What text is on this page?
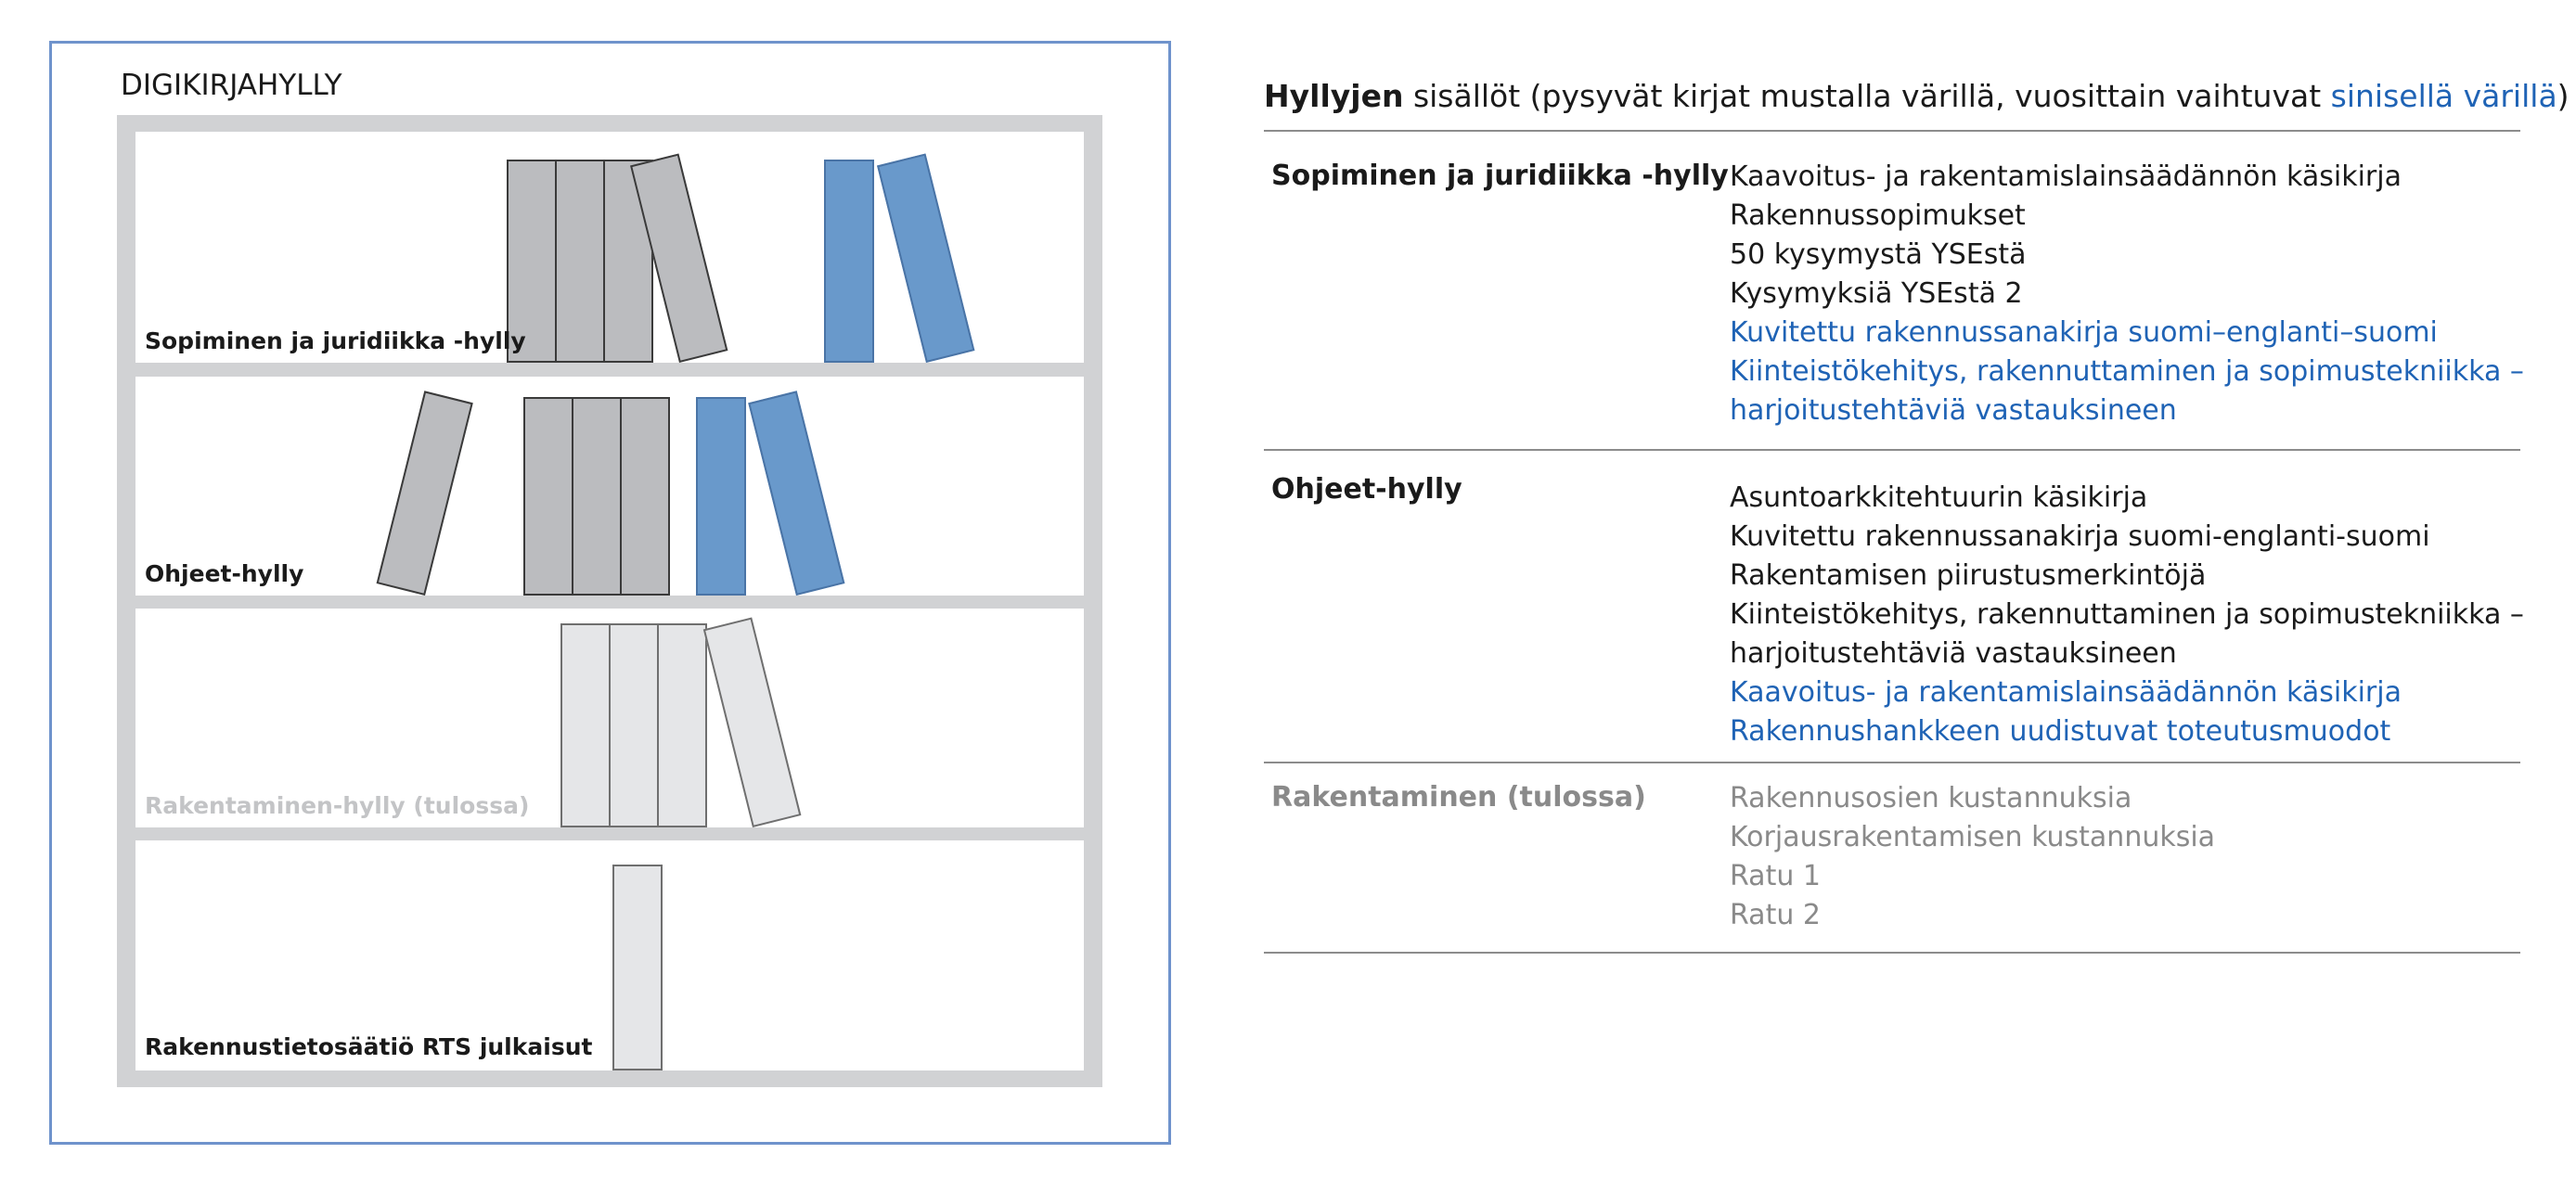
DIGIKIRJAHYLLY
Sopiminen ja juridiikka -hylly
Ohjeet-hylly
Rakentaminen-hylly (tulossa)
Rakennustietosäätiö RTS julkaisut
Hyllyjen sisällöt (pysyvät kirjat mustalla värillä, vuosittain vaihtuvat sinisellä värillä)
Sopiminen ja juridiikka -hylly Kaavoitus- ja rakentamislainsäädännön käsikirja
Rakennussopimukset
50 kysymystä YSEstä
Kysymyksiä YSEstä 2
Kuvitettu rakennussanakirja suomi–englanti–suomi
Kiinteistökehitys, rakennuttaminen ja sopimustekniikka –
harjoitustehtäviä vastauksineen
Ohjeet-hylly	Asuntoarkkitehtuurin käsikirja
Kuvitettu rakennussanakirja suomi-englanti-suomi
Rakentamisen piirustusmerkintöjä
Kiinteistökehitys, rakennuttaminen ja sopimustekniikka –
harjoitustehtäviä vastauksineen
Kaavoitus- ja rakentamislainsäädännön käsikirja
Rakennushankkeen uudistuvat toteutusmuodot
Rakentaminen (tulossa)	Rakennusosien kustannuksia
Korjausrakentamisen kustannuksia
Ratu 1
Ratu 2
